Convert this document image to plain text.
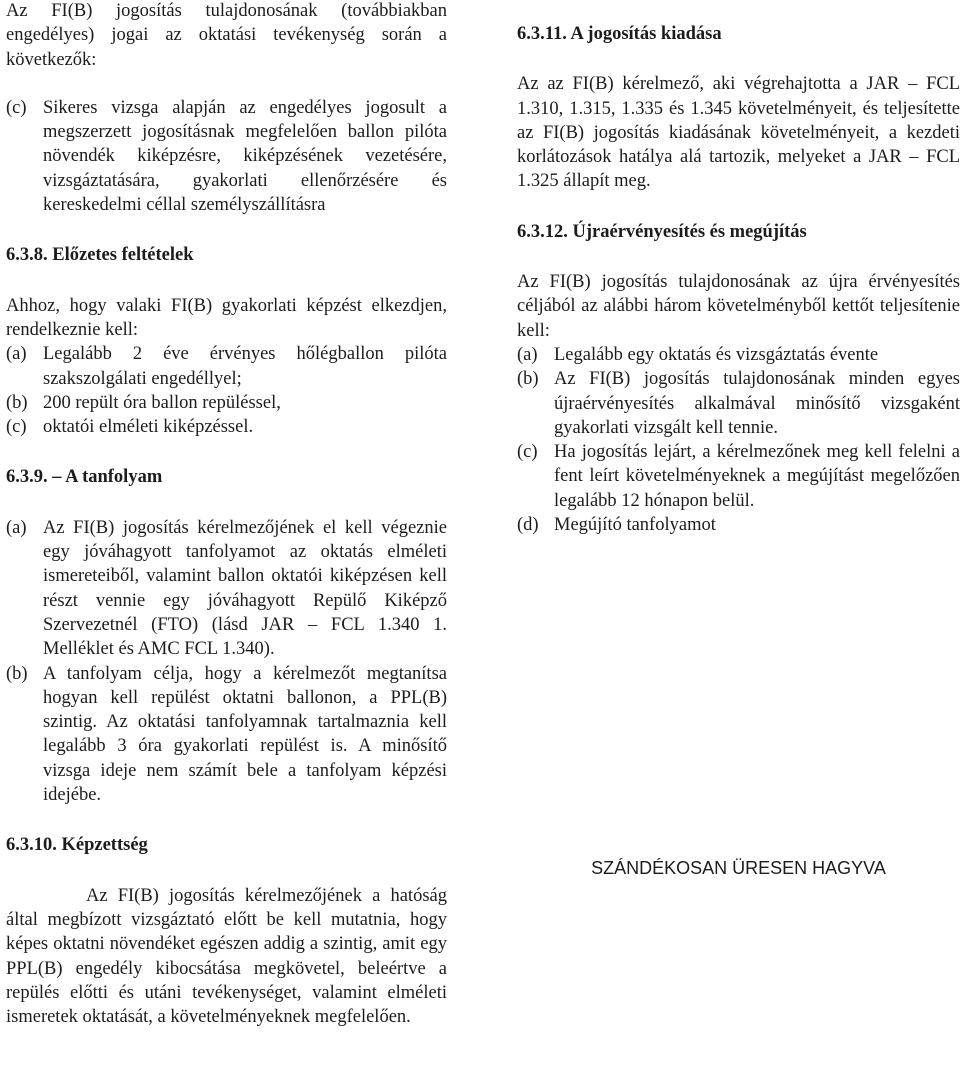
Az FI(B) jogosítás tulajdonosának (továbbiakban engedélyes) jogai az oktatási tevékenység során a következők:

(c) Sikeres vizsga alapján az engedélyes jogosult a megszerzett jogosításnak megfelelően ballon pilóta növendék kiképzésre, kiképzésének vezetésére, vizsgáztatására, gyakorlati ellenőrzésére és kereskedelmi céllal személyszállításra

6.3.8. Előzetes feltételek

Ahhoz, hogy valaki FI(B) gyakorlati képzést elkezdjen, rendelkeznie kell:

(a) Legalább 2 éve érvényes hőlégballon pilóta szakszolgálati engedéllyel;
(b) 200 repült óra ballon repüléssel,
(c) oktatói elméleti kiképzéssel.

6.3.9. – A tanfolyam

(a) Az FI(B) jogosítás kérelmezőjének el kell végeznie egy jóváhagyott tanfolyamot az oktatás elméleti ismereteiből, valamint ballon oktatói kiképzésen kell részt vennie egy jóváhagyott Repülő Kiképző Szervezetnél (FTO) (lásd JAR – FCL 1.340 1. Melléklet és AMC FCL 1.340).
(b) A tanfolyam célja, hogy a kérelmezőt megtanítsa hogyan kell repülést oktatni ballonon, a PPL(B) szintig. Az oktatási tanfolyamnak tartalmaznia kell legalább 3 óra gyakorlati repülést is. A minősítő vizsga ideje nem számít bele a tanfolyam képzési idejébe.

6.3.10. Képzettség

Az FI(B) jogosítás kérelmezőjének a hatóság által megbízott vizsgáztató előtt be kell mutatnia, hogy képes oktatni növendéket egészen addig a szintig, amit egy PPL(B) engedély kibocsátása megkövetel, beleértve a repülés előtti és utáni tevékenységet, valamint elméleti ismeretek oktatását, a követelményeknek megfelelően.

6.3.11. A jogosítás kiadása

Az az FI(B) kérelmező, aki végrehajtotta a JAR – FCL 1.310, 1.315, 1.335 és 1.345 követelményeit, és teljesítette az FI(B) jogosítás kiadásának követelményeit, a kezdeti korlátozások hatálya alá tartozik, melyeket a JAR – FCL 1.325 állapít meg.

6.3.12. Újraérvényesítés és megújítás

Az FI(B) jogosítás tulajdonosának az újra érvényesítés céljából az alábbi három követelményből kettőt teljesítenie kell:

(a) Legalább egy oktatás és vizsgáztatás évente
(b) Az FI(B) jogosítás tulajdonosának minden egyes újraérvényesítés alkalmával minősítő vizsgaként gyakorlati vizsgált kell tennie.
(c) Ha jogosítás lejárt, a kérelmezőnek meg kell felelni a fent leírt követelményeknek a megújítást megelőzően legalább 12 hónapon belül.
(d) Megújító tanfolyamot

SZÁNDÉKOSAN ÜRESEN HAGYVA
